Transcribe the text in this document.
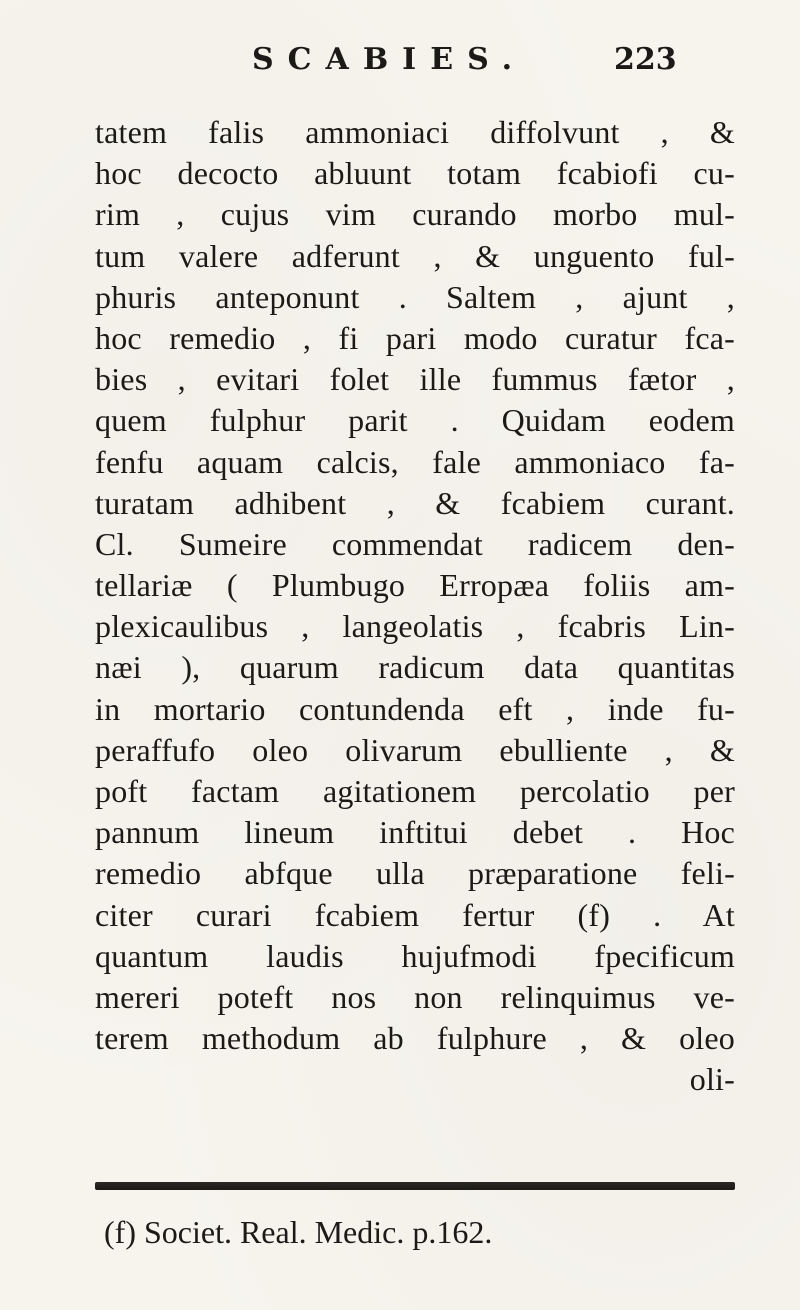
SCABIES.	223
tatem falis ammoniaci diffolvunt , &
hoc decocto abluunt totam fcabiofi cu-
rim , cujus vim curando morbo mul-
tum valere adferunt , & unguento ful-
phuris anteponunt . Saltem , ajunt ,
hoc remedio , fi pari modo curatur fca-
bies , evitari folet ille fummus fætor ,
quem fulphur parit . Quidam eodem
fenfu aquam calcis, fale ammoniaco fa-
turatam adhibent , & fcabiem curant.
Cl. Sumeire commendat radicem den-
tellariæ ( Plumbugo Erropæa foliis am-
plexicaulibus , langeolatis , fcabris Lin-
næi ), quarum radicum data quantitas
in mortario contundenda eft , inde fu-
peraffufo oleo olivarum ebulliente , &
poft factam agitationem percolatio per
pannum lineum inftitui debet . Hoc
remedio abfque ulla præparatione feli-
citer curari fcabiem fertur (f) . At
quantum laudis hujufmodi fpecificum
mereri poteft nos non relinquimus ve-
terem methodum ab fulphure , & oleo
oli-
(f) Societ. Real. Medic. p.162.
